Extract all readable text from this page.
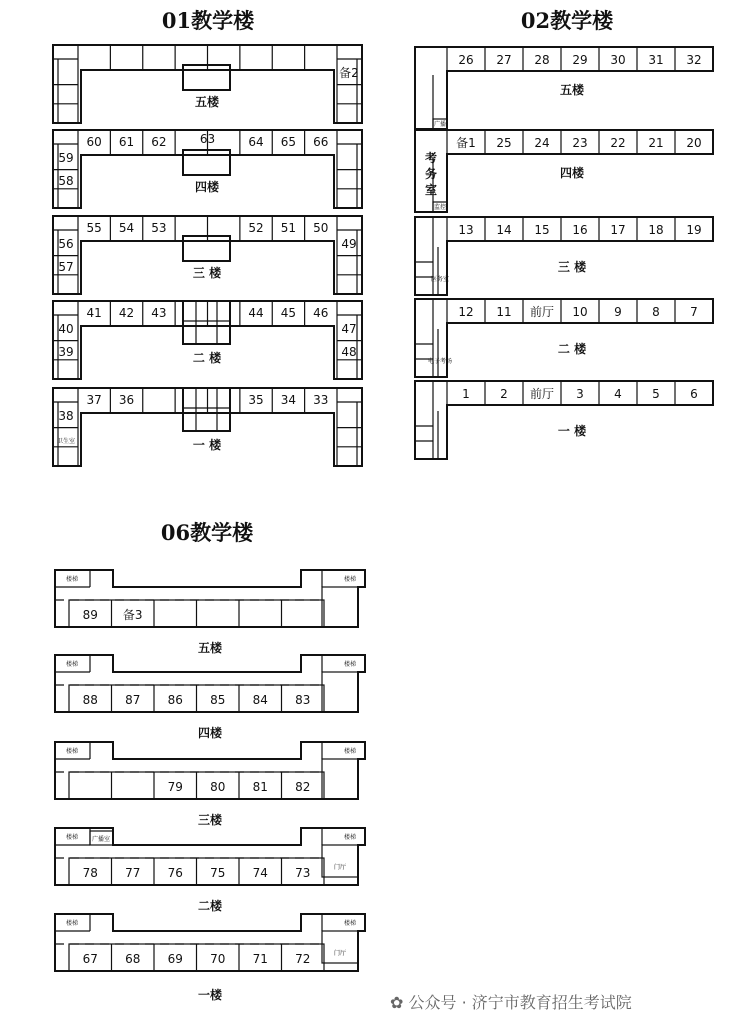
01教学楼	02教学楼
06教学楼
备2
五楼
60 61 62	63	64 65 66
59
58	四楼
55 54 53	52 51 50
56
57
49
三 楼
41 42 43	44 45 46
40
39
47
48
二 楼
37 36	35 34 33
38
卫生室	一 楼
26 27 28 29 30 31 32
广播
五楼
备1 25 24 23 22 21 20
监控
考
务
室
四楼
13 14 15 16 17 18 19
医务室
三 楼
12 11 前厅 10 9	8	7
电子考场
二 楼
1	2 前厅 3	4	5	6
一 楼
89 备3
楼梯	楼梯
五楼
88 87 86 85 84 83
楼梯	楼梯
四楼
79 80 81 82
楼梯	楼梯
三楼
78 77 76 75 74 73	门厅
楼梯	楼梯
广播室
二楼
67 68 69 70 71 72	门厅
楼梯	楼梯
一楼	✿ 公众号 · 济宁市教育招生考试院
